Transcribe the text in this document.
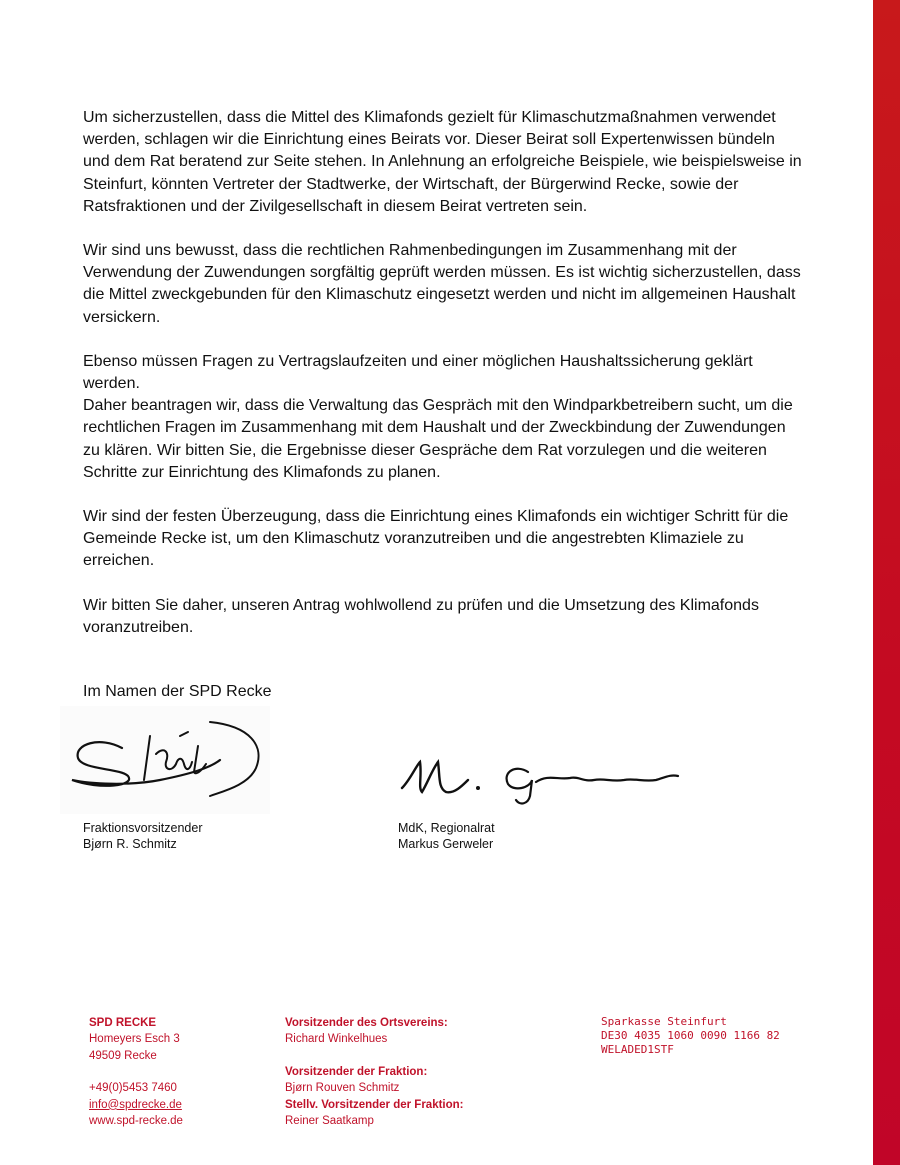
Um sicherzustellen, dass die Mittel des Klimafonds gezielt für Klimaschutzmaßnahmen verwendet werden, schlagen wir die Einrichtung eines Beirats vor. Dieser Beirat soll Expertenwissen bündeln und dem Rat beratend zur Seite stehen. In Anlehnung an erfolgreiche Beispiele, wie beispielsweise in Steinfurt, könnten Vertreter der Stadtwerke, der Wirtschaft, der Bürgerwind Recke, sowie der Ratsfraktionen und der Zivilgesellschaft in diesem Beirat vertreten sein.

Wir sind uns bewusst, dass die rechtlichen Rahmenbedingungen im Zusammenhang mit der Verwendung der Zuwendungen sorgfältig geprüft werden müssen. Es ist wichtig sicherzustellen, dass die Mittel zweckgebunden für den Klimaschutz eingesetzt werden und nicht im allgemeinen Haushalt versickern.

Ebenso müssen Fragen zu Vertragslaufzeiten und einer möglichen Haushaltssicherung geklärt werden.

Daher beantragen wir, dass die Verwaltung das Gespräch mit den Windparkbetreibern sucht, um die rechtlichen Fragen im Zusammenhang mit dem Haushalt und der Zweckbindung der Zuwendungen zu klären. Wir bitten Sie, die Ergebnisse dieser Gespräche dem Rat vorzulegen und die weiteren Schritte zur Einrichtung des Klimafonds zu planen.

Wir sind der festen Überzeugung, dass die Einrichtung eines Klimafonds ein wichtiger Schritt für die Gemeinde Recke ist, um den Klimaschutz voranzutreiben und die angestrebten Klimaziele zu erreichen.

Wir bitten Sie daher, unseren Antrag wohlwollend zu prüfen und die Umsetzung des Klimafonds voranzutreiben.

Im Namen der SPD Recke
Fraktionsvorsitzender
Bjørn R. Schmitz
MdK, Regionalrat
Markus Gerweler
SPD RECKE
Homeyers Esch 3
49509 Recke
+49(0)5453 7460
info@spdrecke.de
www.spd-recke.de
Vorsitzender des Ortsvereins:
Richard Winkelhues
Vorsitzender der Fraktion:
Bjørn Rouven Schmitz
Stellv. Vorsitzender der Fraktion:
Reiner Saatkamp
Sparkasse Steinfurt
DE30 4035 1060 0090 1166 82
WELADED1STF
